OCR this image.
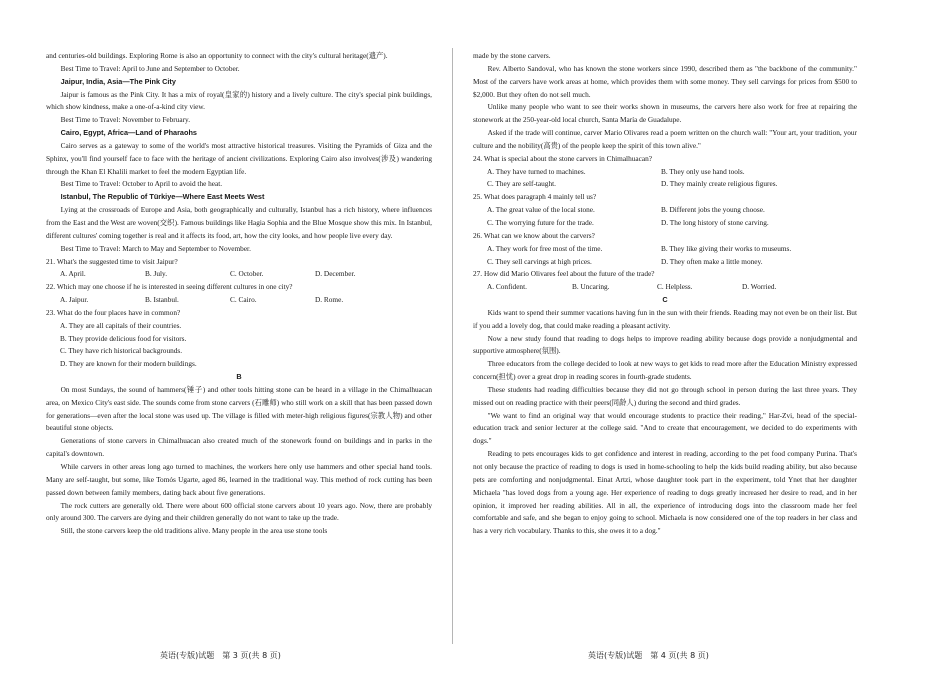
and centuries-old buildings. Exploring Rome is also an opportunity to connect with the city's cultural heritage(遗产).

Best Time to Travel: April to June and September to October.

Jaipur, India, Asia—The Pink City

Jaipur is famous as the Pink City. It has a mix of royal(皇家的) history and a lively culture. The city's special pink buildings, which show kindness, make a one-of-a-kind city view.

Best Time to Travel: November to February.

Cairo, Egypt, Africa—Land of Pharaohs

Cairo serves as a gateway to some of the world's most attractive historical treasures. Visiting the Pyramids of Giza and the Sphinx, you'll find yourself face to face with the heritage of ancient civilizations. Exploring Cairo also involves(涉及) wandering through the Khan El Khalili market to feel the modern Egyptian life.

Best Time to Travel: October to April to avoid the heat.

Istanbul, The Republic of Türkiye—Where East Meets West

Lying at the crossroads of Europe and Asia, both geographically and culturally, Istanbul has a rich history, where influences from the East and the West are woven(交织). Famous buildings like Hagia Sophia and the Blue Mosque show this mix. In Istanbul, different cultures' coming together is real and it affects its food, art, how the city looks, and how people live every day.

Best Time to Travel: March to May and September to November.

21. What's the suggested time to visit Jaipur?

A. April.	B. July.	C. October.	D. December.

22. Which may one choose if he is interested in seeing different cultures in one city?

A. Jaipur.	B. Istanbul.	C. Cairo.	D. Rome.

23. What do the four places have in common?

A. They are all capitals of their countries.
B. They provide delicious food for visitors.
C. They have rich historical backgrounds.
D. They are known for their modern buildings.

B

On most Sundays, the sound of hammers(锤子) and other tools hitting stone can be heard in a village in the Chimalhuacan area, on Mexico City's east side. The sounds come from stone carvers (石雕师) who still work on a skill that has been passed down for generations—even after the local stone was used up. The village is filled with meter-high religious figures(宗教人物) and other beautiful stone objects.

Generations of stone carvers in Chimalhuacan also created much of the stonework found on buildings and in parks in the capital's downtown.

While carvers in other areas long ago turned to machines, the workers here only use hammers and other special hand tools. Many are self-taught, but some, like Tomós Ugarte, aged 86, learned in the traditional way. This method of rock cutting has been passed down between family members, dating back about five generations.

The rock cutters are generally old. There were about 600 official stone carvers about 10 years ago. Now, there are probably only around 300. The carvers are dying and their children generally do not want to take up the trade.

Still, the stone carvers keep the old traditions alive. Many people in the area use stone tools

made by the stone carvers.

Rev. Alberto Sandoval, who has known the stone workers since 1990, described them as "the backbone of the community." Most of the carvers have work areas at home, which provides them with some money. They sell carvings for prices from $500 to $2,000. But they often do not sell much.

Unlike many people who want to see their works shown in museums, the carvers here also work for free at repairing the stonework at the 250-year-old local church, Santa María de Guadalupe.

Asked if the trade will continue, carver Mario Olivares read a poem written on the church wall: "Your art, your tradition, your culture and the nobility(高贵) of the people keep the spirit of this town alive."

24. What is special about the stone carvers in Chimalhuacan?

A. They have turned to machines.	B. They only use hand tools.
C. They are self-taught.	D. They mainly create religious figures.

25. What does paragraph 4 mainly tell us?

A. The great value of the local stone.	B. Different jobs the young choose.
C. The worrying future for the trade.	D. The long history of stone carving.

26. What can we know about the carvers?

A. They work for free most of the time.	B. They like giving their works to museums.
C. They sell carvings at high prices.	D. They often make a little money.

27. How did Mario Olivares feel about the future of the trade?

A. Confident.	B. Uncaring.	C. Helpless.	D. Worried.

C

Kids want to spend their summer vacations having fun in the sun with their friends. Reading may not even be on their list. But if you add a lovely dog, that could make reading a pleasant activity.

Now a new study found that reading to dogs helps to improve reading ability because dogs provide a nonjudgmental and supportive atmosphere(氛围).

Three educators from the college decided to look at new ways to get kids to read more after the Education Ministry expressed concern(担忧) over a great drop in reading scores in fourth-grade students.

These students had reading difficulties because they did not go through school in person during the last three years. They missed out on reading practice with their peers(同龄人) during the second and third grades.

"We want to find an original way that would encourage students to practice their reading," Har-Zvi, head of the special-education track and senior lecturer at the college said. "And to create that encouragement, we decided to do experiments with dogs."

Reading to pets encourages kids to get confidence and interest in reading, according to the pet food company Purina. That's not only because the practice of reading to dogs is used in home-schooling to help the kids build reading ability, but also because pets are comforting and nonjudgmental. Einat Artzi, whose daughter took part in the experiment, told Ynet that her daughter Michaela "has loved dogs from a young age. Her experience of reading to dogs greatly increased her desire to read, and in her opinion, it improved her reading abilities. All in all, the experience of introducing dogs into the classroom made her feel comfortable and safe, and she began to enjoy going to school. Michaela is now considered one of the top readers in her class and has a very rich vocabulary. Thanks to this, she owes it to a dog."

英语(专版)试题　第 3 页(共 8 页)	英语(专版)试题　第 4 页(共 8 页)
